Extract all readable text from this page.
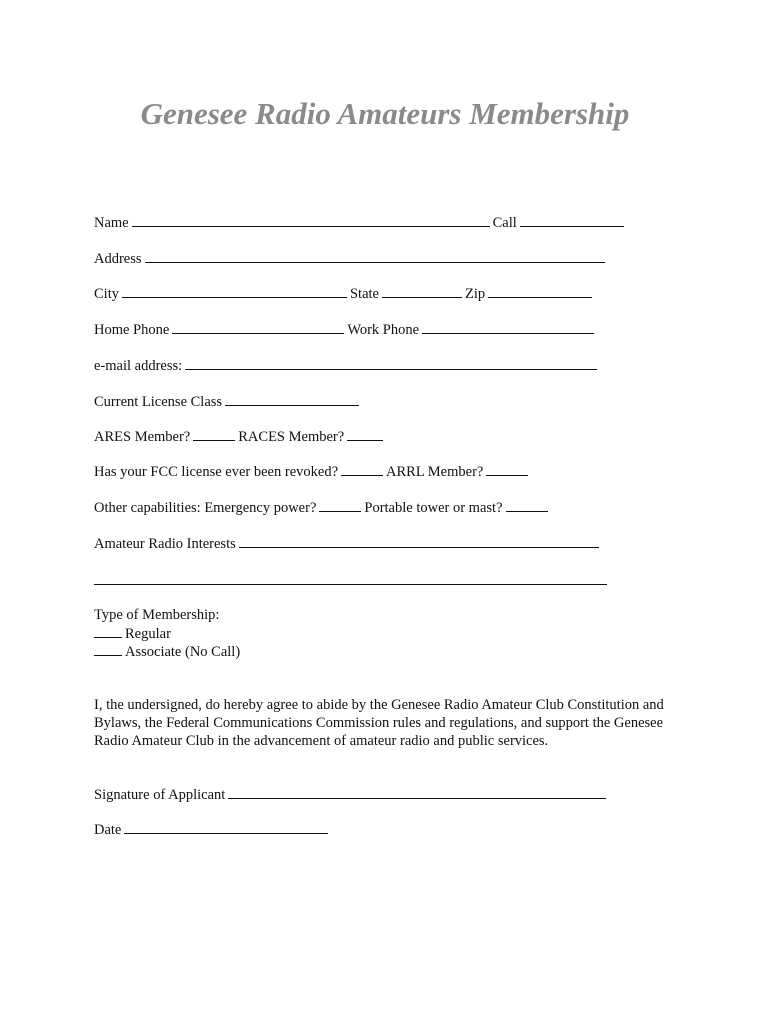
Genesee Radio Amateurs Membership
Name	Call
Address
City	State	Zip
Home Phone	Work Phone
e-mail address:
Current License Class
ARES Member?	RACES Member?
Has your FCC license ever been revoked?	ARRL Member?
Other capabilities: Emergency power?	Portable tower or mast?
Amateur Radio Interests
Type of Membership:
Regular
Associate (No Call)
I, the undersigned, do hereby agree to abide by the Genesee Radio Amateur Club Constitution and Bylaws, the Federal Communications Commission rules and regulations, and support the Genesee Radio Amateur Club in the advancement of amateur radio and public services.
Signature of Applicant
Date
